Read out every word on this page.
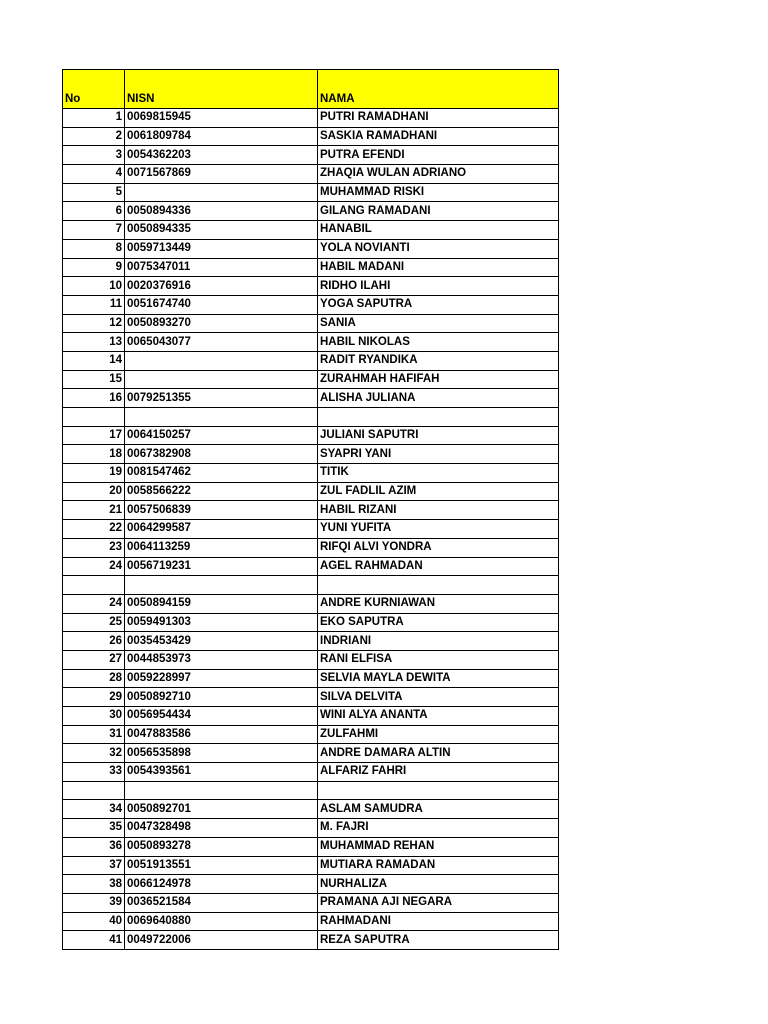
No	NISN	NAMA
1	0069815945	PUTRI RAMADHANI
2	0061809784	SASKIA RAMADHANI
3	0054362203	PUTRA EFENDI
4	0071567869	ZHAQIA WULAN ADRIANO
5		MUHAMMAD RISKI
6	0050894336	GILANG RAMADANI
7	0050894335	HANABIL
8	0059713449	YOLA NOVIANTI
9	0075347011	HABIL MADANI
10	0020376916	RIDHO ILAHI
11	0051674740	YOGA SAPUTRA
12	0050893270	SANIA
13	0065043077	HABIL NIKOLAS
14		RADIT RYANDIKA
15		ZURAHMAH HAFIFAH
16	0079251355	ALISHA JULIANA

17	0064150257	JULIANI SAPUTRI
18	0067382908	SYAPRI YANI
19	0081547462	TITIK
20	0058566222	ZUL FADLIL AZIM
21	0057506839	HABIL RIZANI
22	0064299587	YUNI YUFITA
23	0064113259	RIFQI ALVI YONDRA
24	0056719231	AGEL RAHMADAN

24	0050894159	ANDRE KURNIAWAN
25	0059491303	EKO SAPUTRA
26	0035453429	INDRIANI
27	0044853973	RANI ELFISA
28	0059228997	SELVIA MAYLA DEWITA
29	0050892710	SILVA DELVITA
30	0056954434	WINI ALYA ANANTA
31	0047883586	ZULFAHMI
32	0056535898	ANDRE DAMARA ALTIN
33	0054393561	ALFARIZ FAHRI

34	0050892701	ASLAM SAMUDRA
35	0047328498	M. FAJRI
36	0050893278	MUHAMMAD REHAN
37	0051913551	MUTIARA RAMADAN
38	0066124978	NURHALIZA
39	0036521584	PRAMANA AJI NEGARA
40	0069640880	RAHMADANI
41	0049722006	REZA SAPUTRA
